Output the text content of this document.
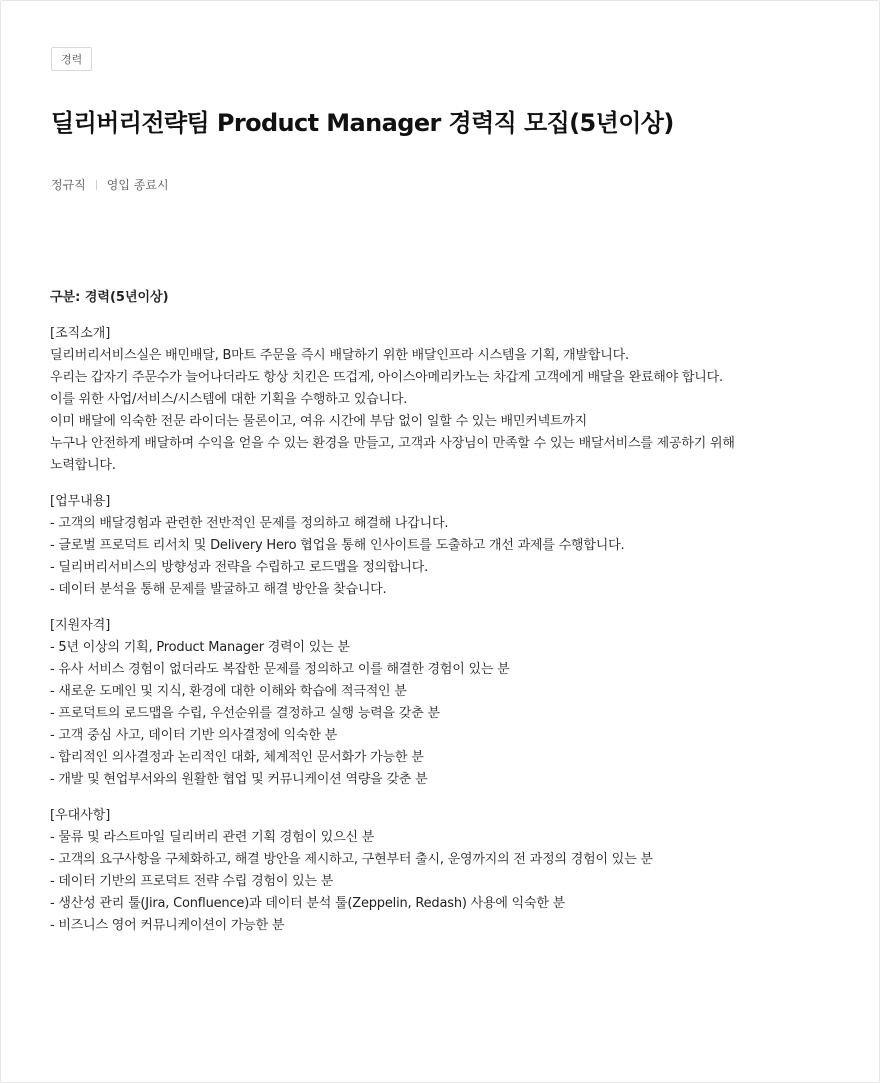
경력
딜리버리전략팀 Product Manager 경력직 모집(5년이상)
정규직 영입 종료시
구분: 경력(5년이상)
[조직소개]
딜리버리서비스실은 배민배달, B마트 주문을 즉시 배달하기 위한 배달인프라 시스템을 기획, 개발합니다.
우리는 갑자기 주문수가 늘어나더라도 항상 치킨은 뜨겁게, 아이스아메리카노는 차갑게 고객에게 배달을 완료해야 합니다.
이를 위한 사업/서비스/시스템에 대한 기획을 수행하고 있습니다.
이미 배달에 익숙한 전문 라이더는 물론이고, 여유 시간에 부담 없이 일할 수 있는 배민커넥트까지
누구나 안전하게 배달하며 수익을 얻을 수 있는 환경을 만들고, 고객과 사장님이 만족할 수 있는 배달서비스를 제공하기 위해
노력합니다.
[업무내용]
- 고객의 배달경험과 관련한 전반적인 문제를 정의하고 해결해 나갑니다.
- 글로벌 프로덕트 리서치 및 Delivery Hero 협업을 통해 인사이트를 도출하고 개선 과제를 수행합니다.
- 딜리버리서비스의 방향성과 전략을 수립하고 로드맵을 정의합니다.
- 데이터 분석을 통해 문제를 발굴하고 해결 방안을 찾습니다.
[지원자격]
- 5년 이상의 기획, Product Manager 경력이 있는 분
- 유사 서비스 경험이 없더라도 복잡한 문제를 정의하고 이를 해결한 경험이 있는 분
- 새로운 도메인 및 지식, 환경에 대한 이해와 학습에 적극적인 분
- 프로덕트의 로드맵을 수립, 우선순위를 결정하고 실행 능력을 갖춘 분
- 고객 중심 사고, 데이터 기반 의사결정에 익숙한 분
- 합리적인 의사결정과 논리적인 대화, 체계적인 문서화가 가능한 분
- 개발 및 현업부서와의 원활한 협업 및 커뮤니케이션 역량을 갖춘 분
[우대사항]
- 물류 및 라스트마일 딜리버리 관련 기획 경험이 있으신 분
- 고객의 요구사항을 구체화하고, 해결 방안을 제시하고, 구현부터 출시, 운영까지의 전 과정의 경험이 있는 분
- 데이터 기반의 프로덕트 전략 수립 경험이 있는 분
- 생산성 관리 툴(Jira, Confluence)과 데이터 분석 툴(Zeppelin, Redash) 사용에 익숙한 분
- 비즈니스 영어 커뮤니케이션이 가능한 분
